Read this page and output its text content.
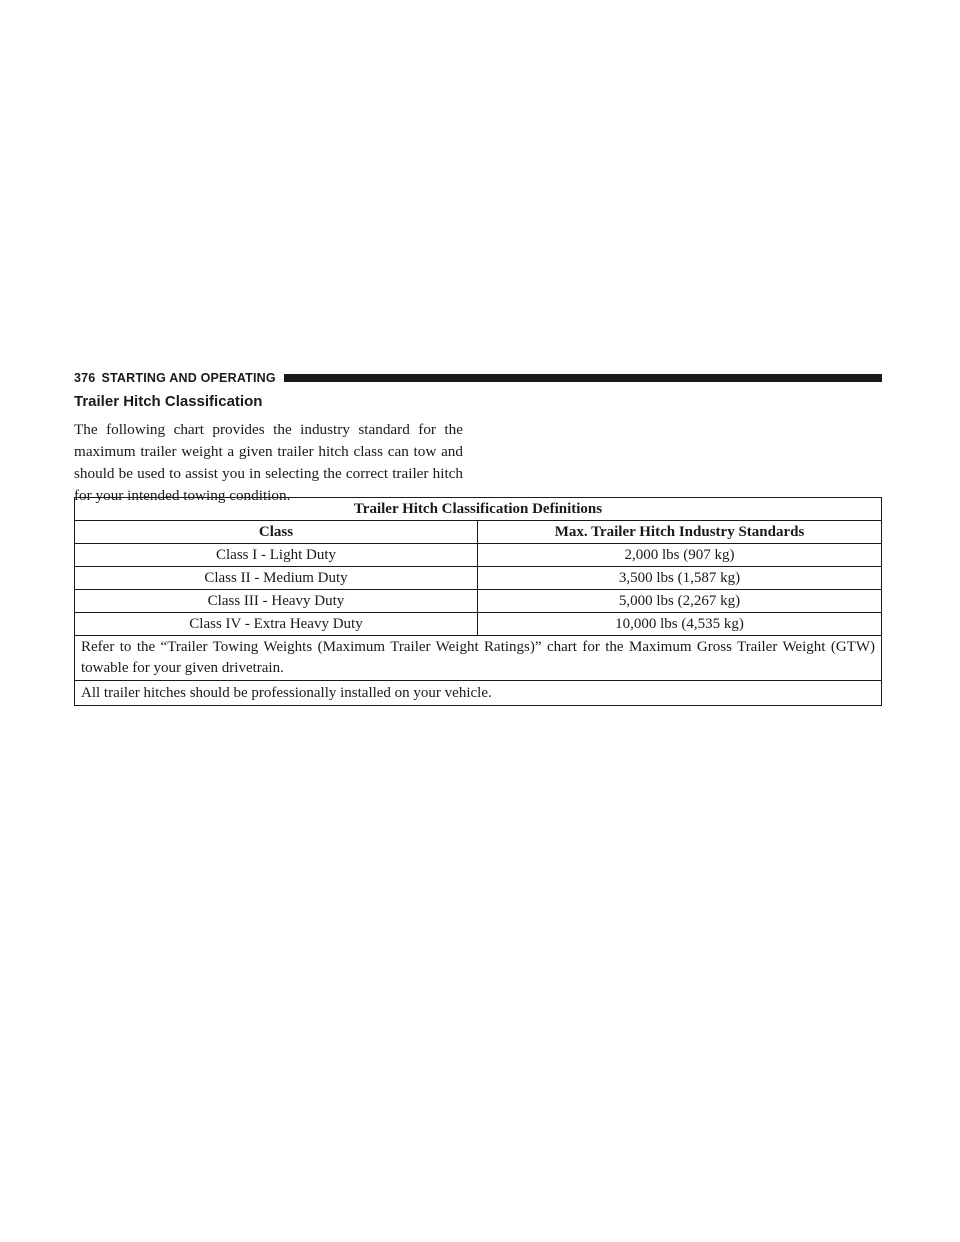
376 STARTING AND OPERATING
Trailer Hitch Classification

The following chart provides the industry standard for the maximum trailer weight a given trailer hitch class can tow and should be used to assist you in selecting the correct trailer hitch for your intended towing condition.

Trailer Hitch Classification Definitions	
Class	Max. Trailer Hitch Industry Standards
Class I - Light Duty	2,000 lbs (907 kg)
Class II - Medium Duty	3,500 lbs (1,587 kg)
Class III - Heavy Duty	5,000 lbs (2,267 kg)
Class IV - Extra Heavy Duty	10,000 lbs (4,535 kg)
Refer to the “Trailer Towing Weights (Maximum Trailer Weight Ratings)” chart for the Maximum Gross Trailer Weight (GTW) towable for your given drivetrain.	
All trailer hitches should be professionally installed on your vehicle.	
